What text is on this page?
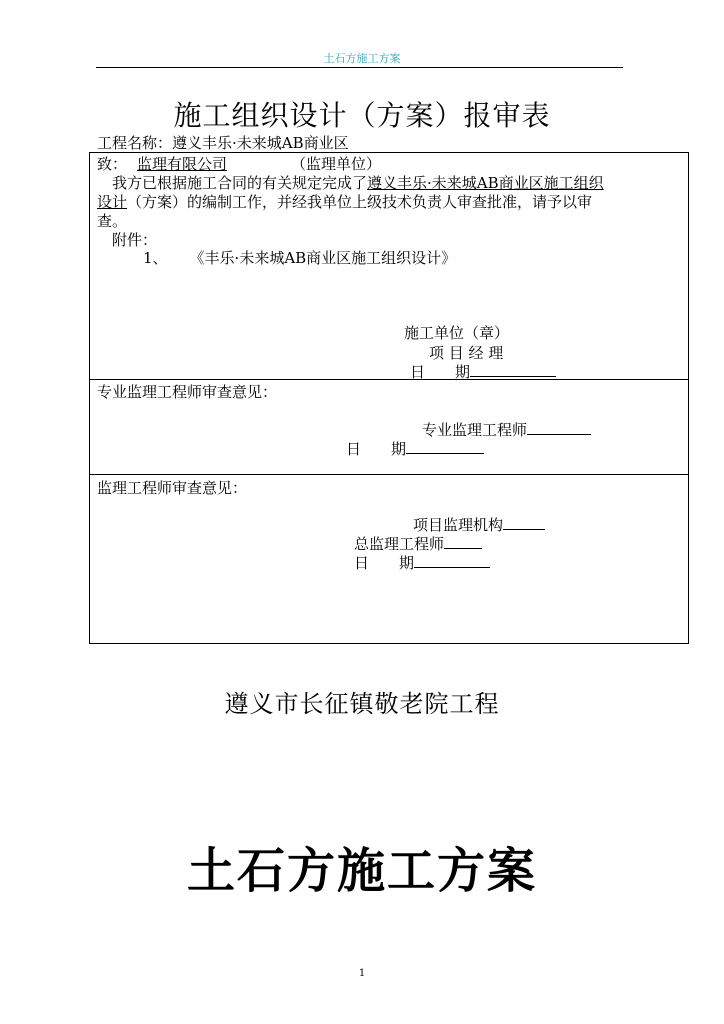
土石方施工方案
施工组织设计（方案）报审表
工程名称：遵义丰乐·未来城AB商业区
致： 监理有限公司	（监理单位）
我方已根据施工合同的有关规定完成了遵义丰乐·未来城AB商业区施工组织
设计（方案）的编制工作，并经我单位上级技术负责人审查批准，请予以审
查。
附件：
1、 《丰乐·未来城AB商业区施工组织设计》
施工单位（章）
项 目 经 理
日　　期
专业监理工程师审查意见：
专业监理工程师
日　　期
监理工程师审查意见：
项目监理机构
总监理工程师
日　　期
遵义市长征镇敬老院工程
土石方施工方案
1
